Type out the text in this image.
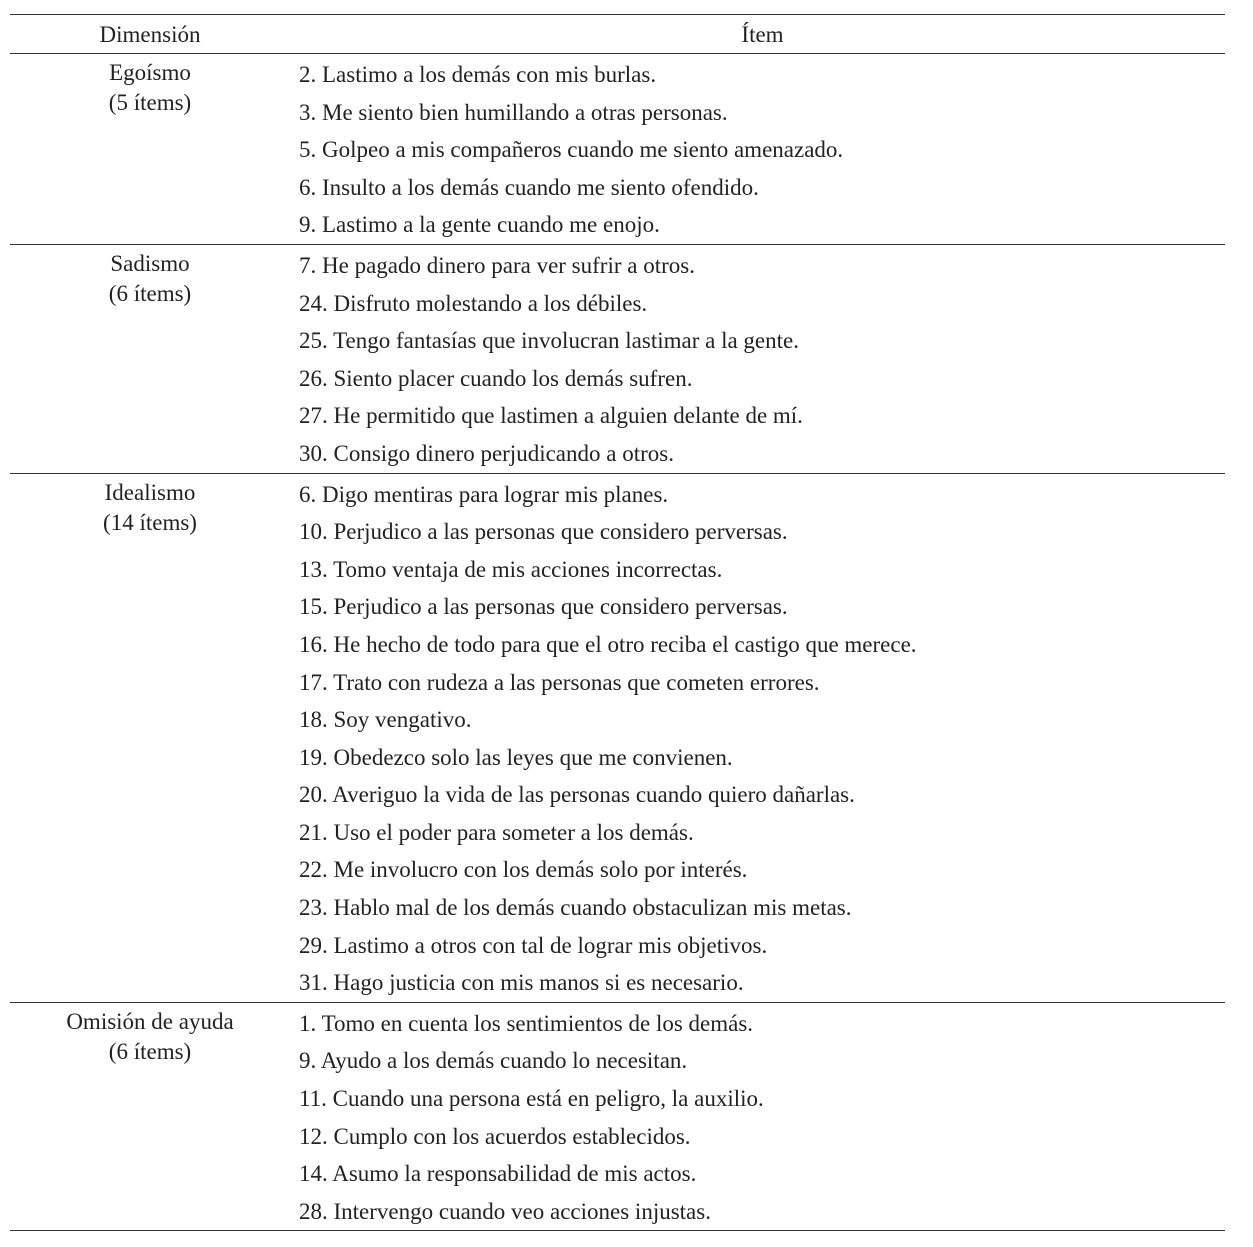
Dimensión	Ítem
Egoísmo
(5 ítems)
2. Lastimo a los demás con mis burlas.
3. Me siento bien humillando a otras personas.
5. Golpeo a mis compañeros cuando me siento amenazado.
6. Insulto a los demás cuando me siento ofendido.
9. Lastimo a la gente cuando me enojo.
Sadismo
(6 ítems)
7. He pagado dinero para ver sufrir a otros.
24. Disfruto molestando a los débiles.
25. Tengo fantasías que involucran lastimar a la gente.
26. Siento placer cuando los demás sufren.
27. He permitido que lastimen a alguien delante de mí.
30. Consigo dinero perjudicando a otros.
Idealismo
(14 ítems)
6. Digo mentiras para lograr mis planes.
10. Perjudico a las personas que considero perversas.
13. Tomo ventaja de mis acciones incorrectas.
15. Perjudico a las personas que considero perversas.
16. He hecho de todo para que el otro reciba el castigo que merece.
17. Trato con rudeza a las personas que cometen errores.
18. Soy vengativo.
19. Obedezco solo las leyes que me convienen.
20. Averiguo la vida de las personas cuando quiero dañarlas.
21. Uso el poder para someter a los demás.
22. Me involucro con los demás solo por interés.
23. Hablo mal de los demás cuando obstaculizan mis metas.
29. Lastimo a otros con tal de lograr mis objetivos.
31. Hago justicia con mis manos si es necesario.
Omisión de ayuda
(6 ítems)
1. Tomo en cuenta los sentimientos de los demás.
9. Ayudo a los demás cuando lo necesitan.
11. Cuando una persona está en peligro, la auxilio.
12. Cumplo con los acuerdos establecidos.
14. Asumo la responsabilidad de mis actos.
28. Intervengo cuando veo acciones injustas.
